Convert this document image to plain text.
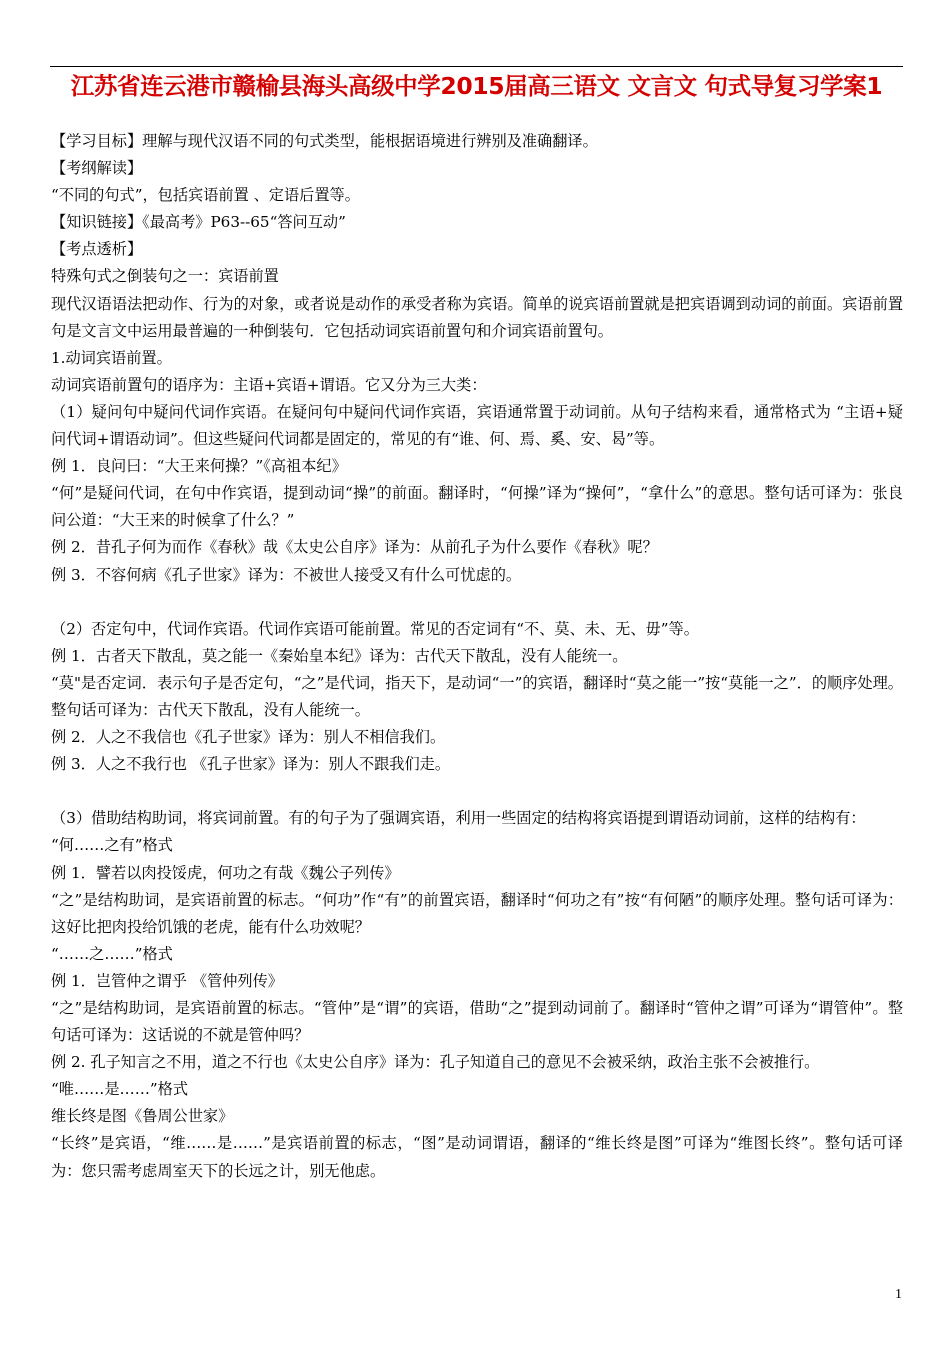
江苏省连云港市赣榆县海头高级中学2015届高三语文 文言文 句式导复习学案1

【学习目标】理解与现代汉语不同的句式类型，能根据语境进行辨别及准确翻译。

【考纲解读】

“不同的句式”，包括宾语前置 、定语后置等。

【知识链接】《最高考》P63--65“答问互动”

【考点透析】

特殊句式之倒装句之一：宾语前置

现代汉语语法把动作、行为的对象，或者说是动作的承受者称为宾语。简单的说宾语前置就是把宾语调到动词的前面。宾语前置句是文言文中运用最普遍的一种倒装句．它包括动词宾语前置句和介词宾语前置句。

1.动词宾语前置。

动词宾语前置句的语序为：主语+宾语+谓语。它又分为三大类：

（1）疑问句中疑问代词作宾语。在疑问句中疑问代词作宾语，宾语通常置于动词前。从句子结构来看，通常格式为 “主语+疑问代词+谓语动词”。但这些疑问代词都是固定的，常见的有“谁、何、焉、奚、安、曷”等。

例 1．良问曰：“大王来何操？”《高祖本纪》

“何”是疑问代词，在句中作宾语，提到动词“操”的前面。翻译时，“何操”译为“操何”，“拿什么”的意思。整句话可译为：张良问公道：“大王来的时候拿了什么？”

例 2．昔孔子何为而作《春秋》哉《太史公自序》译为：从前孔子为什么要作《春秋》呢？

例 3．不容何病《孔子世家》译为：不被世人接受又有什么可忧虑的。

（2）否定句中，代词作宾语。代词作宾语可能前置。常见的否定词有“不、莫、未、无、毋”等。

例 1．古者天下散乱，莫之能一《秦始皇本纪》译为：古代天下散乱，没有人能统一。

“莫"是否定词．表示句子是否定句，“之”是代词，指天下，是动词“一”的宾语，翻译时“莫之能一”按“莫能一之”．的顺序处理。整句话可译为：古代天下散乱，没有人能统一。

例 2．人之不我信也《孔子世家》译为：别人不相信我们。

例 3．人之不我行也 《孔子世家》译为：别人不跟我们走。

（3）借助结构助词，将宾词前置。有的句子为了强调宾语，利用一些固定的结构将宾语提到谓语动词前，这样的结构有：

“何……之有”格式

例 1．譬若以肉投馁虎，何功之有哉《魏公子列传》

“之”是结构助词，是宾语前置的标志。“何功”作“有”的前置宾语，翻译时“何功之有”按“有何陋”的顺序处理。整句话可译为：这好比把肉投给饥饿的老虎，能有什么功效呢？

“……之……”格式

例 1．岂管仲之谓乎 《管仲列传》

“之”是结构助词，是宾语前置的标志。“管仲”是“谓”的宾语，借助“之”提到动词前了。翻译时“管仲之谓”可译为“谓管仲”。整句话可译为：这话说的不就是管仲吗？

例 2. 孔子知言之不用，道之不行也《太史公自序》译为：孔子知道自己的意见不会被采纳，政治主张不会被推行。

“唯……是……”格式

维长终是图《鲁周公世家》

“长终”是宾语，“维……是……”是宾语前置的标志，“图”是动词谓语，翻译的“维长终是图”可译为“维图长终”。整句话可译为：您只需考虑周室天下的长远之计，别无他虑。

1
